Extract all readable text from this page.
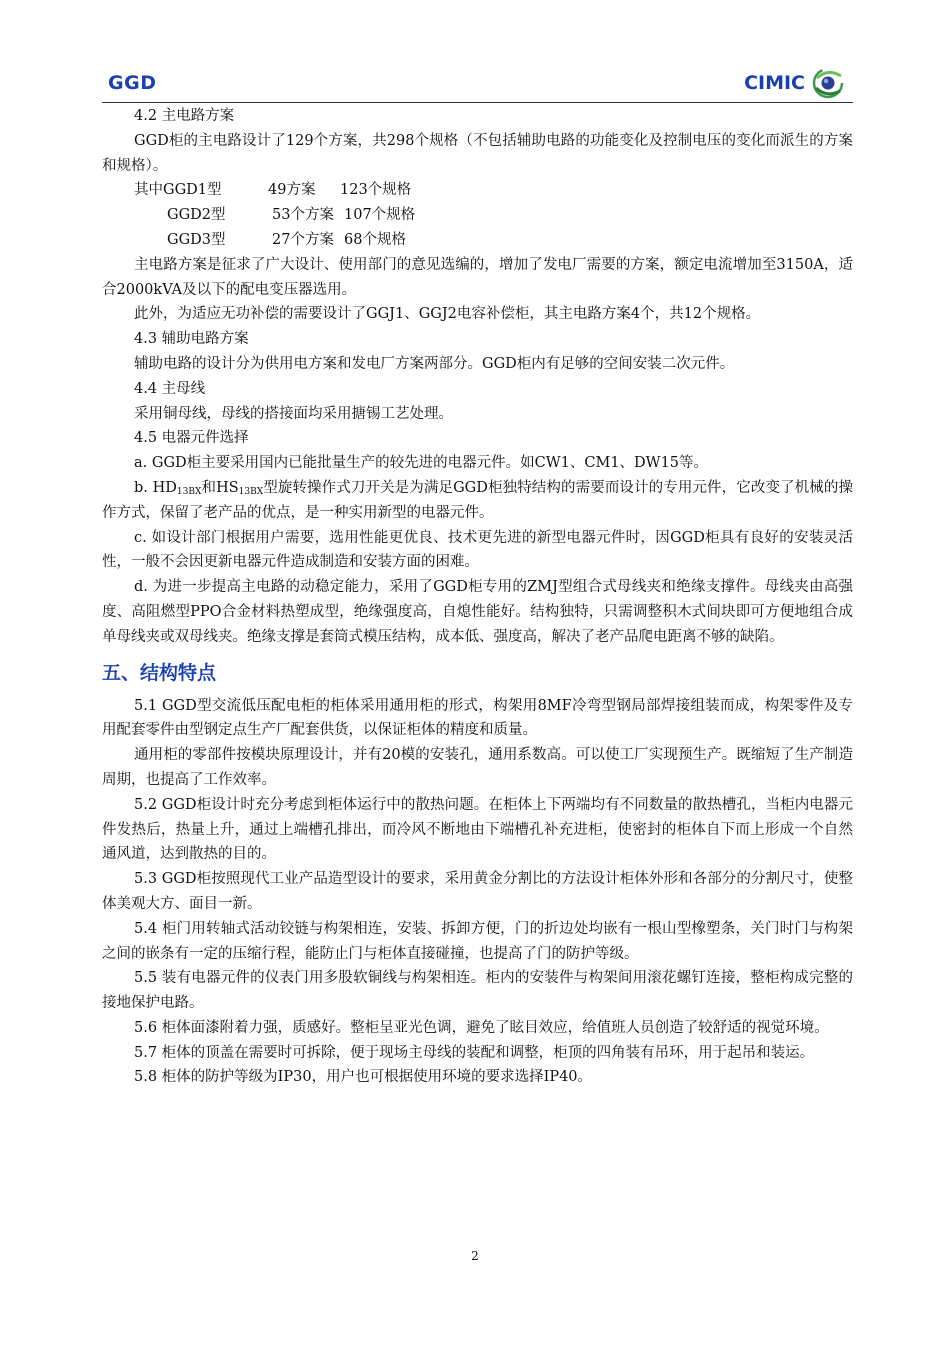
GGD	CIMIC

4.2 主电路方案

GGD柜的主电路设计了129个方案，共298个规格（不包括辅助电路的功能变化及控制电压的变化而派生的方案和规格）。

其中 GGD1型	49方案	123个规格
GGD2型	53个方案 107个规格
GGD3型	27个方案 68个规格

主电路方案是征求了广大设计、使用部门的意见选编的，增加了发电厂需要的方案，额定电流增加至3150A，适合2000kVA及以下的配电变压器选用。

此外，为适应无功补偿的需要设计了GGJ1、GGJ2电容补偿柜，其主电路方案4个，共12个规格。

4.3 辅助电路方案

辅助电路的设计分为供用电方案和发电厂方案两部分。GGD柜内有足够的空间安装二次元件。

4.4 主母线

采用铜母线，母线的搭接面均采用搪锡工艺处理。

4.5 电器元件选择

a. GGD柜主要采用国内已能批量生产的较先进的电器元件。如CW1、CM1、DW15等。

b. $HD_{13BX}$和$HS_{13BX}$型旋转操作式刀开关是为满足GGD柜独特结构的需要而设计的专用元件，它改变了机械的操作方式，保留了老产品的优点，是一种实用新型的电器元件。

c. 如设计部门根据用户需要，选用性能更优良、技术更先进的新型电器元件时，因GGD柜具有良好的安装灵活性，一般不会因更新电器元件造成制造和安装方面的困难。

d. 为进一步提高主电路的动稳定能力，采用了GGD柜专用的ZMJ型组合式母线夹和绝缘支撑件。母线夹由高强度、高阻燃型PPO合金材料热塑成型，绝缘强度高，自熄性能好。结构独特，只需调整积木式间块即可方便地组合成单母线夹或双母线夹。绝缘支撑是套筒式模压结构，成本低、强度高，解决了老产品爬电距离不够的缺陷。

五、结构特点

5.1 GGD型交流低压配电柜的柜体采用通用柜的形式，构架用8MF冷弯型钢局部焊接组装而成，构架零件及专用配套零件由型钢定点生产厂配套供货，以保证柜体的精度和质量。

通用柜的零部件按模块原理设计，并有20模的安装孔，通用系数高。可以使工厂实现预生产。既缩短了生产制造周期，也提高了工作效率。

5.2 GGD柜设计时充分考虑到柜体运行中的散热问题。在柜体上下两端均有不同数量的散热槽孔，当柜内电器元件发热后，热量上升，通过上端槽孔排出，而冷风不断地由下端槽孔补充进柜，使密封的柜体自下而上形成一个自然通风道，达到散热的目的。

5.3 GGD柜按照现代工业产品造型设计的要求，采用黄金分割比的方法设计柜体外形和各部分的分割尺寸，使整体美观大方、面目一新。

5.4 柜门用转轴式活动铰链与构架相连，安装、拆卸方便，门的折边处均嵌有一根山型橡塑条，关门时门与构架之间的嵌条有一定的压缩行程，能防止门与柜体直接碰撞，也提高了门的防护等级。

5.5 装有电器元件的仪表门用多股软铜线与构架相连。柜内的安装件与构架间用滚花螺钉连接，整柜构成完整的接地保护电路。

5.6 柜体面漆附着力强，质感好。整柜呈亚光色调，避免了眩目效应，给值班人员创造了较舒适的视觉环境。

5.7 柜体的顶盖在需要时可拆除，便于现场主母线的装配和调整，柜顶的四角装有吊环，用于起吊和装运。

5.8 柜体的防护等级为IP30，用户也可根据使用环境的要求选择IP40。

2
